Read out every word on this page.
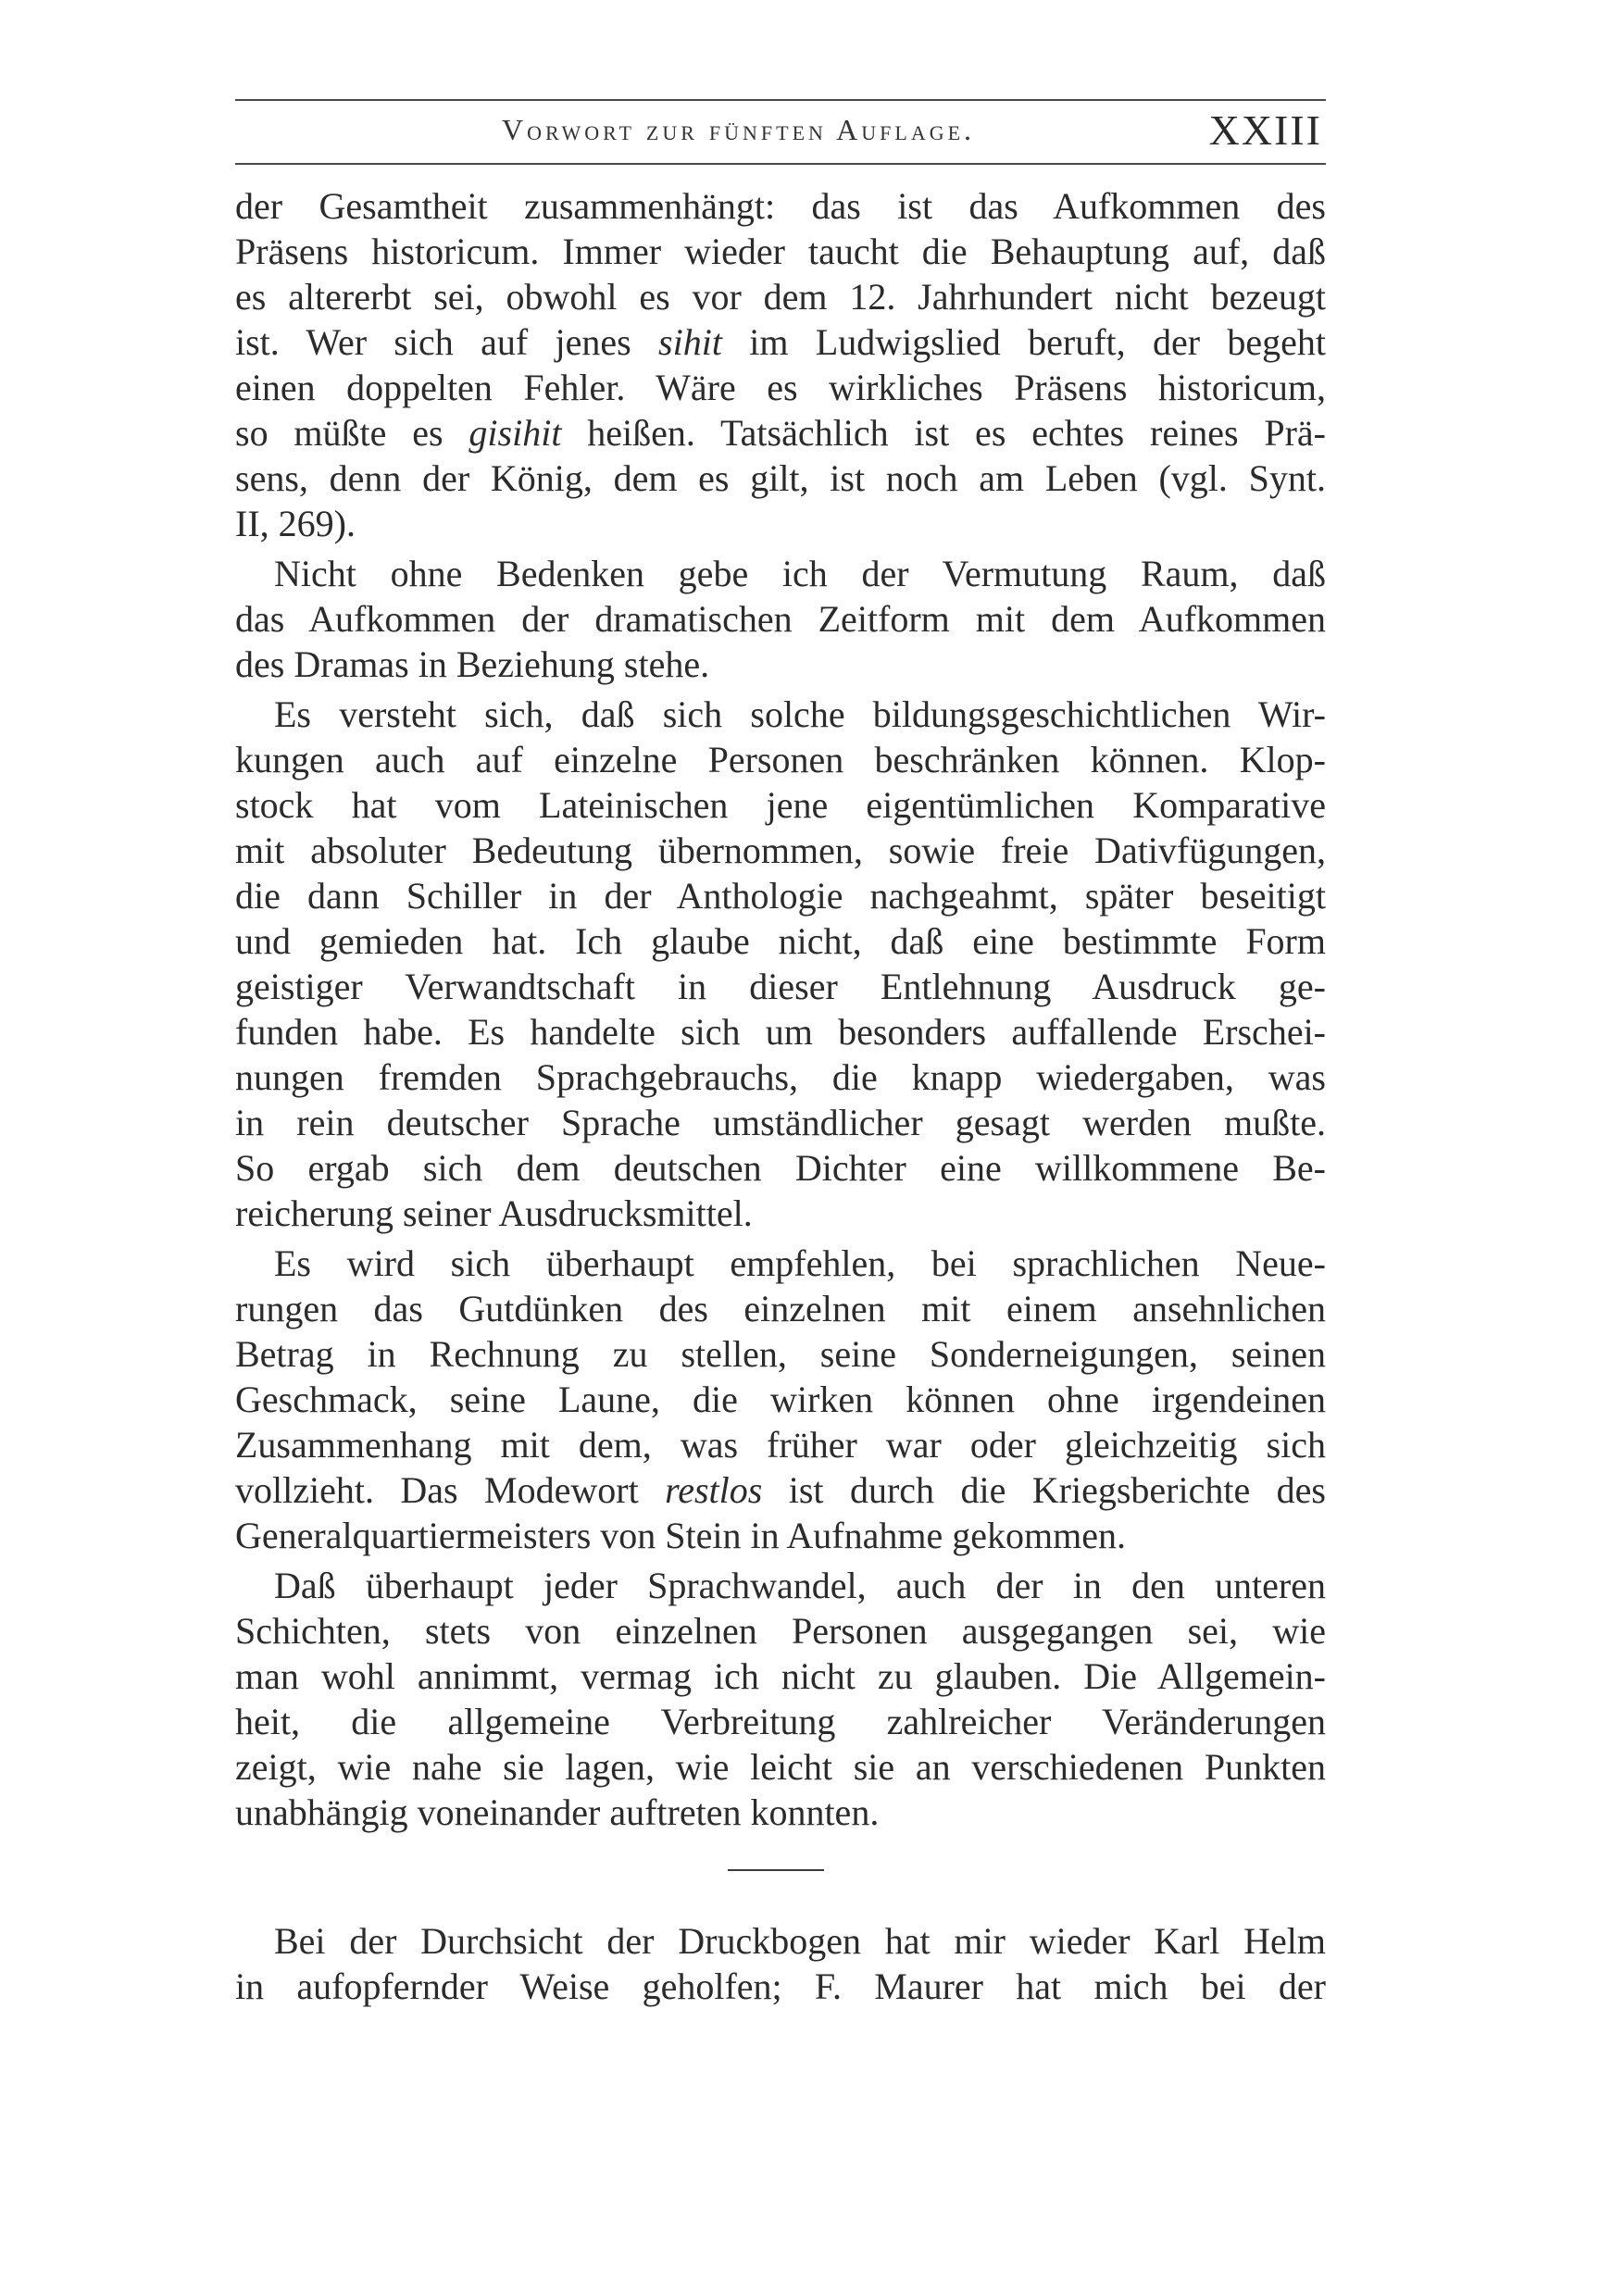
Vorwort zur fünften Auflage.	XXIII
der Gesamtheit zusammenhängt: das ist das Aufkommen des
Präsens historicum. Immer wieder taucht die Behauptung auf, daß
es altererbt sei, obwohl es vor dem 12. Jahrhundert nicht bezeugt
ist. Wer sich auf jenes sihit im Ludwigslied beruft, der begeht
einen doppelten Fehler. Wäre es wirkliches Präsens historicum,
so müßte es gisihit heißen. Tatsächlich ist es echtes reines Prä-
sens, denn der König, dem es gilt, ist noch am Leben (vgl. Synt.
II, 269).
Nicht ohne Bedenken gebe ich der Vermutung Raum, daß
das Aufkommen der dramatischen Zeitform mit dem Aufkommen
des Dramas in Beziehung stehe.
Es versteht sich, daß sich solche bildungsgeschichtlichen Wir-
kungen auch auf einzelne Personen beschränken können. Klop-
stock hat vom Lateinischen jene eigentümlichen Komparative
mit absoluter Bedeutung übernommen, sowie freie Dativfügungen,
die dann Schiller in der Anthologie nachgeahmt, später beseitigt
und gemieden hat. Ich glaube nicht, daß eine bestimmte Form
geistiger Verwandtschaft in dieser Entlehnung Ausdruck ge-
funden habe. Es handelte sich um besonders auffallende Erschei-
nungen fremden Sprachgebrauchs, die knapp wiedergaben, was
in rein deutscher Sprache umständlicher gesagt werden mußte.
So ergab sich dem deutschen Dichter eine willkommene Be-
reicherung seiner Ausdrucksmittel.
Es wird sich überhaupt empfehlen, bei sprachlichen Neue-
rungen das Gutdünken des einzelnen mit einem ansehnlichen
Betrag in Rechnung zu stellen, seine Sonderneigungen, seinen
Geschmack, seine Laune, die wirken können ohne irgendeinen
Zusammenhang mit dem, was früher war oder gleichzeitig sich
vollzieht. Das Modewort restlos ist durch die Kriegsberichte des
Generalquartiermeisters von Stein in Aufnahme gekommen.
Daß überhaupt jeder Sprachwandel, auch der in den unteren
Schichten, stets von einzelnen Personen ausgegangen sei, wie
man wohl annimmt, vermag ich nicht zu glauben. Die Allgemein-
heit, die allgemeine Verbreitung zahlreicher Veränderungen
zeigt, wie nahe sie lagen, wie leicht sie an verschiedenen Punkten
unabhängig voneinander auftreten konnten.
Bei der Durchsicht der Druckbogen hat mir wieder Karl Helm
in aufopfernder Weise geholfen; F. Maurer hat mich bei der
